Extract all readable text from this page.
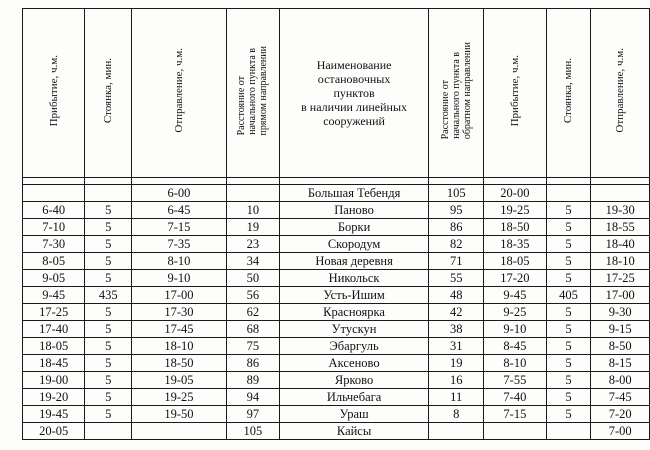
Прибытие, ч.м.	Стоянка, мин.	Отправление, ч.м.	Расстояние отначального пункта впрямом направлении	Наименование
остановочных
пунктов
в наличии линейных
сооружений	Расстояние отначального пункта вобратном направлении	Прибытие, ч.м.	Стоянка, мин.	Отправление, ч.м.

		6-00		Большая Тебендя	105	20-00		
6-40	5	6-45	10	Паново	95	19-25	5	19-30
7-10	5	7-15	19	Борки	86	18-50	5	18-55
7-30	5	7-35	23	Скородум	82	18-35	5	18-40
8-05	5	8-10	34	Новая деревня	71	18-05	5	18-10
9-05	5	9-10	50	Никольск	55	17-20	5	17-25
9-45	435	17-00	56	Усть-Ишим	48	9-45	405	17-00
17-25	5	17-30	62	Красноярка	42	9-25	5	9-30
17-40	5	17-45	68	Утускун	38	9-10	5	9-15
18-05	5	18-10	75	Эбаргуль	31	8-45	5	8-50
18-45	5	18-50	86	Аксеново	19	8-10	5	8-15
19-00	5	19-05	89	Ярково	16	7-55	5	8-00
19-20	5	19-25	94	Ильчебага	11	7-40	5	7-45
19-45	5	19-50	97	Ураш	8	7-15	5	7-20
20-05			105	Кайсы				7-00
